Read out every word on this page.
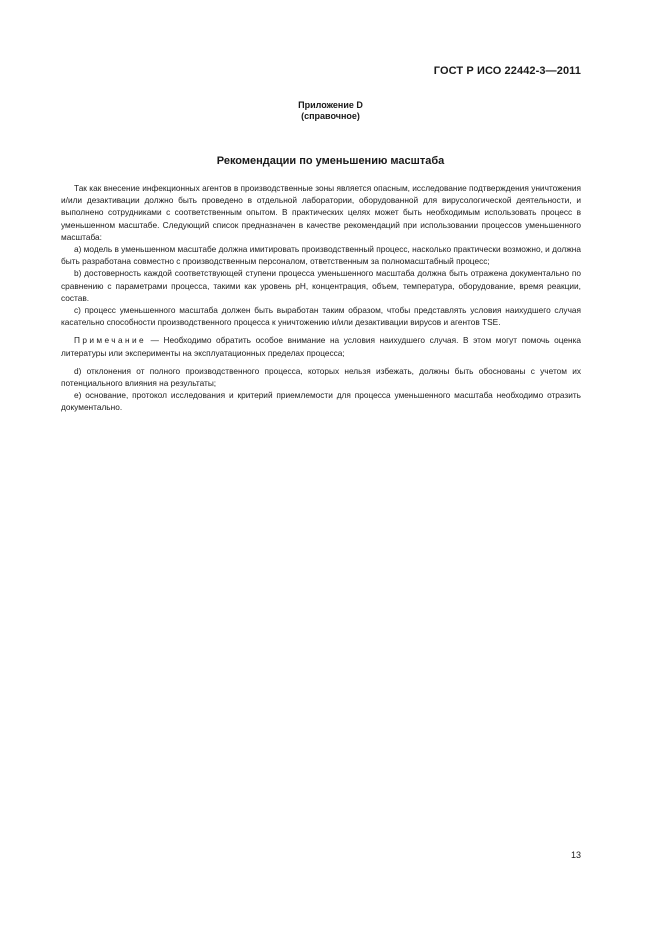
ГОСТ Р ИСО 22442-3—2011
Приложение D
(справочное)
Рекомендации по уменьшению масштаба

Так как внесение инфекционных агентов в производственные зоны является опасным, исследование подтверждения уничтожения и/или дезактивации должно быть проведено в отдельной лаборатории, оборудованной для вирусологической деятельности, и выполнено сотрудниками с соответственным опытом. В практических целях может быть необходимым использовать процесс в уменьшенном масштабе. Следующий список предназначен в качестве рекомендаций при использовании процессов уменьшенного масштаба:

а) модель в уменьшенном масштабе должна имитировать производственный процесс, насколько практически возможно, и должна быть разработана совместно с производственным персоналом, ответственным за полномасштабный процесс;

b) достоверность каждой соответствующей ступени процесса уменьшенного масштаба должна быть отражена документально по сравнению с параметрами процесса, такими как уровень pH, концентрация, объем, температура, оборудование, время реакции, состав.

c) процесс уменьшенного масштаба должен быть выработан таким образом, чтобы представлять условия наихудшего случая касательно способности производственного процесса к уничтожению и/или дезактивации вирусов и агентов TSE.

Примечание — Необходимо обратить особое внимание на условия наихудшего случая. В этом могут помочь оценка литературы или эксперименты на эксплуатационных пределах процесса;

d) отклонения от полного производственного процесса, которых нельзя избежать, должны быть обоснованы с учетом их потенциального влияния на результаты;

е) основание, протокол исследования и критерий приемлемости для процесса уменьшенного масштаба необходимо отразить документально.

13
